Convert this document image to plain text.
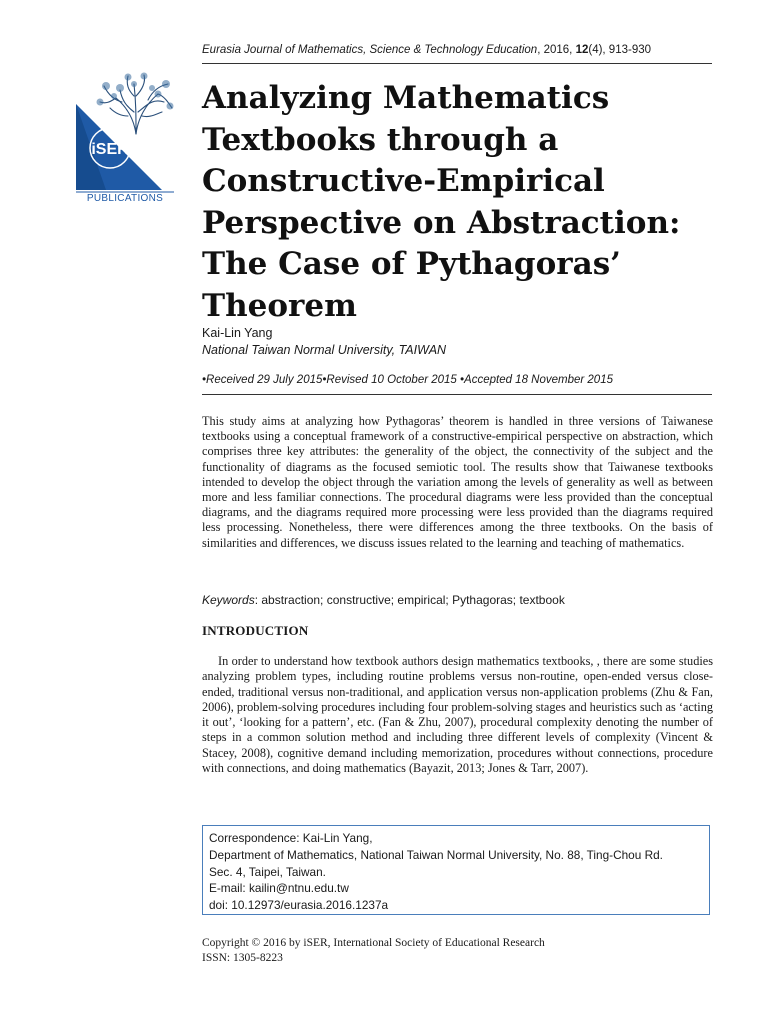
Eurasia Journal of Mathematics, Science & Technology Education, 2016, 12(4), 913-930
iSER
PUBLICATIONS
Analyzing Mathematics
Textbooks through a
Constructive-Empirical
Perspective on Abstraction:
The Case of Pythagoras’
Theorem
Kai-Lin Yang
National Taiwan Normal University, TAIWAN
•Received 29 July 2015•Revised 10 October 2015 •Accepted 18 November 2015

This study aims at analyzing how Pythagoras’ theorem is handled in three versions of Taiwanese textbooks using a conceptual framework of a constructive-empirical perspective on abstraction, which comprises three key attributes: the generality of the object, the connectivity of the subject and the functionality of diagrams as the focused semiotic tool. The results show that Taiwanese textbooks intended to develop the object through the variation among the levels of generality as well as between more and less familiar connections. The procedural diagrams were less provided than the conceptual diagrams, and the diagrams required more processing were less provided than the diagrams required less processing. Nonetheless, there were differences among the three textbooks. On the basis of similarities and differences, we discuss issues related to the learning and teaching of mathematics.

Keywords: abstraction; constructive; empirical; Pythagoras; textbook
INTRODUCTION

In order to understand how textbook authors design mathematics textbooks, , there are some studies analyzing problem types, including routine problems versus non-routine, open-ended versus close-ended, traditional versus non-traditional, and application versus non-application problems (Zhu & Fan, 2006), problem-solving procedures including four problem-solving stages and heuristics such as ‘acting it out’, ‘looking for a pattern’, etc. (Fan & Zhu, 2007), procedural complexity denoting the number of steps in a common solution method and including three different levels of complexity (Vincent & Stacey, 2008), cognitive demand including memorization, procedures without connections, procedure with connections, and doing mathematics (Bayazit, 2013; Jones & Tarr, 2007).

Correspondence: Kai-Lin Yang,
Department of Mathematics, National Taiwan Normal University, No. 88, Ting-Chou Rd.
Sec. 4, Taipei, Taiwan.
E-mail: kailin@ntnu.edu.tw
doi: 10.12973/eurasia.2016.1237a
Copyright © 2016 by iSER, International Society of Educational Research
ISSN: 1305-8223
